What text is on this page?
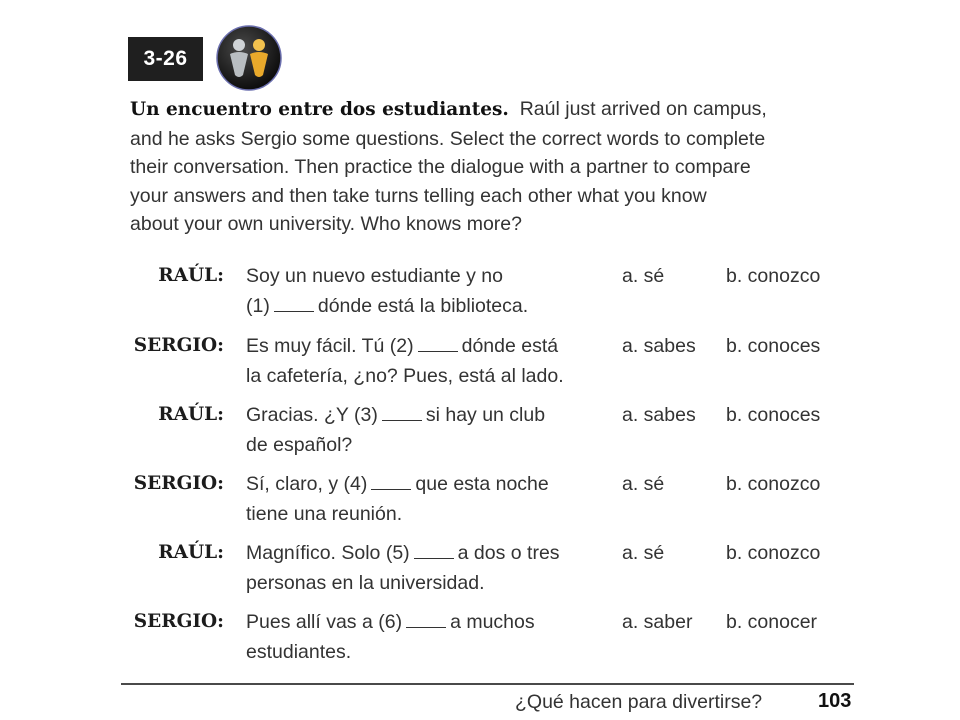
3-26
Un encuentro entre dos estudiantes. Raúl just arrived on campus,
and he asks Sergio some questions. Select the correct words to complete
their conversation. Then practice the dialogue with a partner to compare
your answers and then take turns telling each other what you know
about your own university. Who knows more?
RAÚL: Soy un nuevo estudiante y no
(1) dónde está la biblioteca.
a. sé	b. conozco
SERGIO: Es muy fácil. Tú (2) dónde está
la cafetería, ¿no? Pues, está al lado.
a. sabes b. conoces
RAÚL: Gracias. ¿Y (3) si hay un club
de español?
a. sabes b. conoces
SERGIO: Sí, claro, y (4) que esta noche
tiene una reunión.
a. sé	b. conozco
RAÚL: Magnífico. Solo (5) a dos o tres
personas en la universidad.
a. sé	b. conozco
SERGIO: Pues allí vas a (6) a muchos
estudiantes.
a. saber b. conocer
¿Qué hacen para divertirse?	103
